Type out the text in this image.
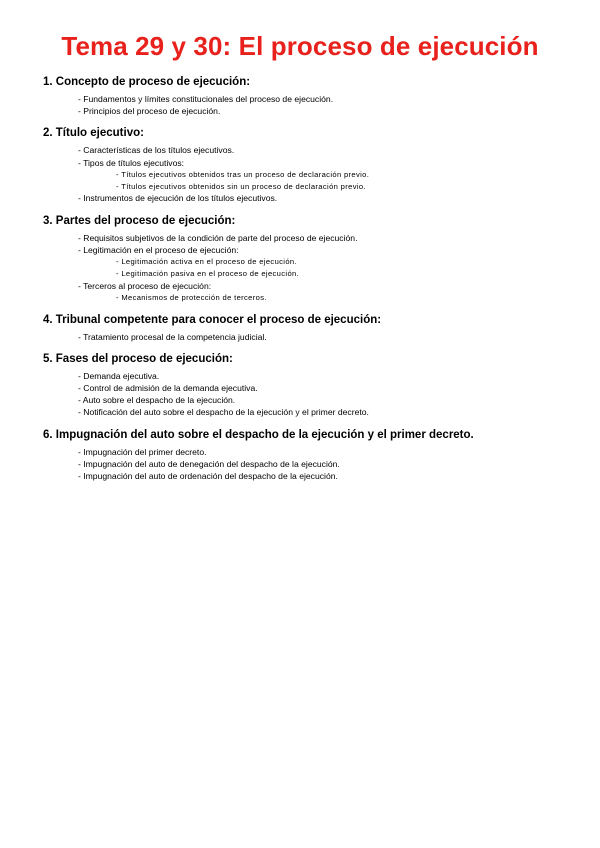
Tema 29 y 30: El proceso de ejecución
1. Concepto de proceso de ejecución:
- Fundamentos y límites constitucionales del proceso de ejecución.
- Principios del proceso de ejecución.
2. Título ejecutivo:
- Características de los títulos ejecutivos.
- Tipos de títulos ejecutivos:
- Títulos ejecutivos obtenidos tras un proceso de declaración previo.
- Títulos ejecutivos obtenidos sin un proceso de declaración previo.
- Instrumentos de ejecución de los títulos ejecutivos.
3. Partes del proceso de ejecución:
- Requisitos subjetivos de la condición de parte del proceso de ejecución.
- Legitimación en el proceso de ejecución:
- Legitimación activa en el proceso de ejecución.
- Legitimación pasiva en el proceso de ejecución.
- Terceros al proceso de ejecución:
- Mecanismos de protección de terceros.
4. Tribunal competente para conocer el proceso de ejecución:
- Tratamiento procesal de la competencia judicial.
5. Fases del proceso de ejecución:
- Demanda ejecutiva.
- Control de admisión de la demanda ejecutiva.
- Auto sobre el despacho de la ejecución.
- Notificación del auto sobre el despacho de la ejecución y el primer decreto.
6. Impugnación del auto sobre el despacho de la ejecución y el primer decreto.
- Impugnación del primer decreto.
- Impugnación del auto de denegación del despacho de la ejecución.
- Impugnación del auto de ordenación del despacho de la ejecución.
